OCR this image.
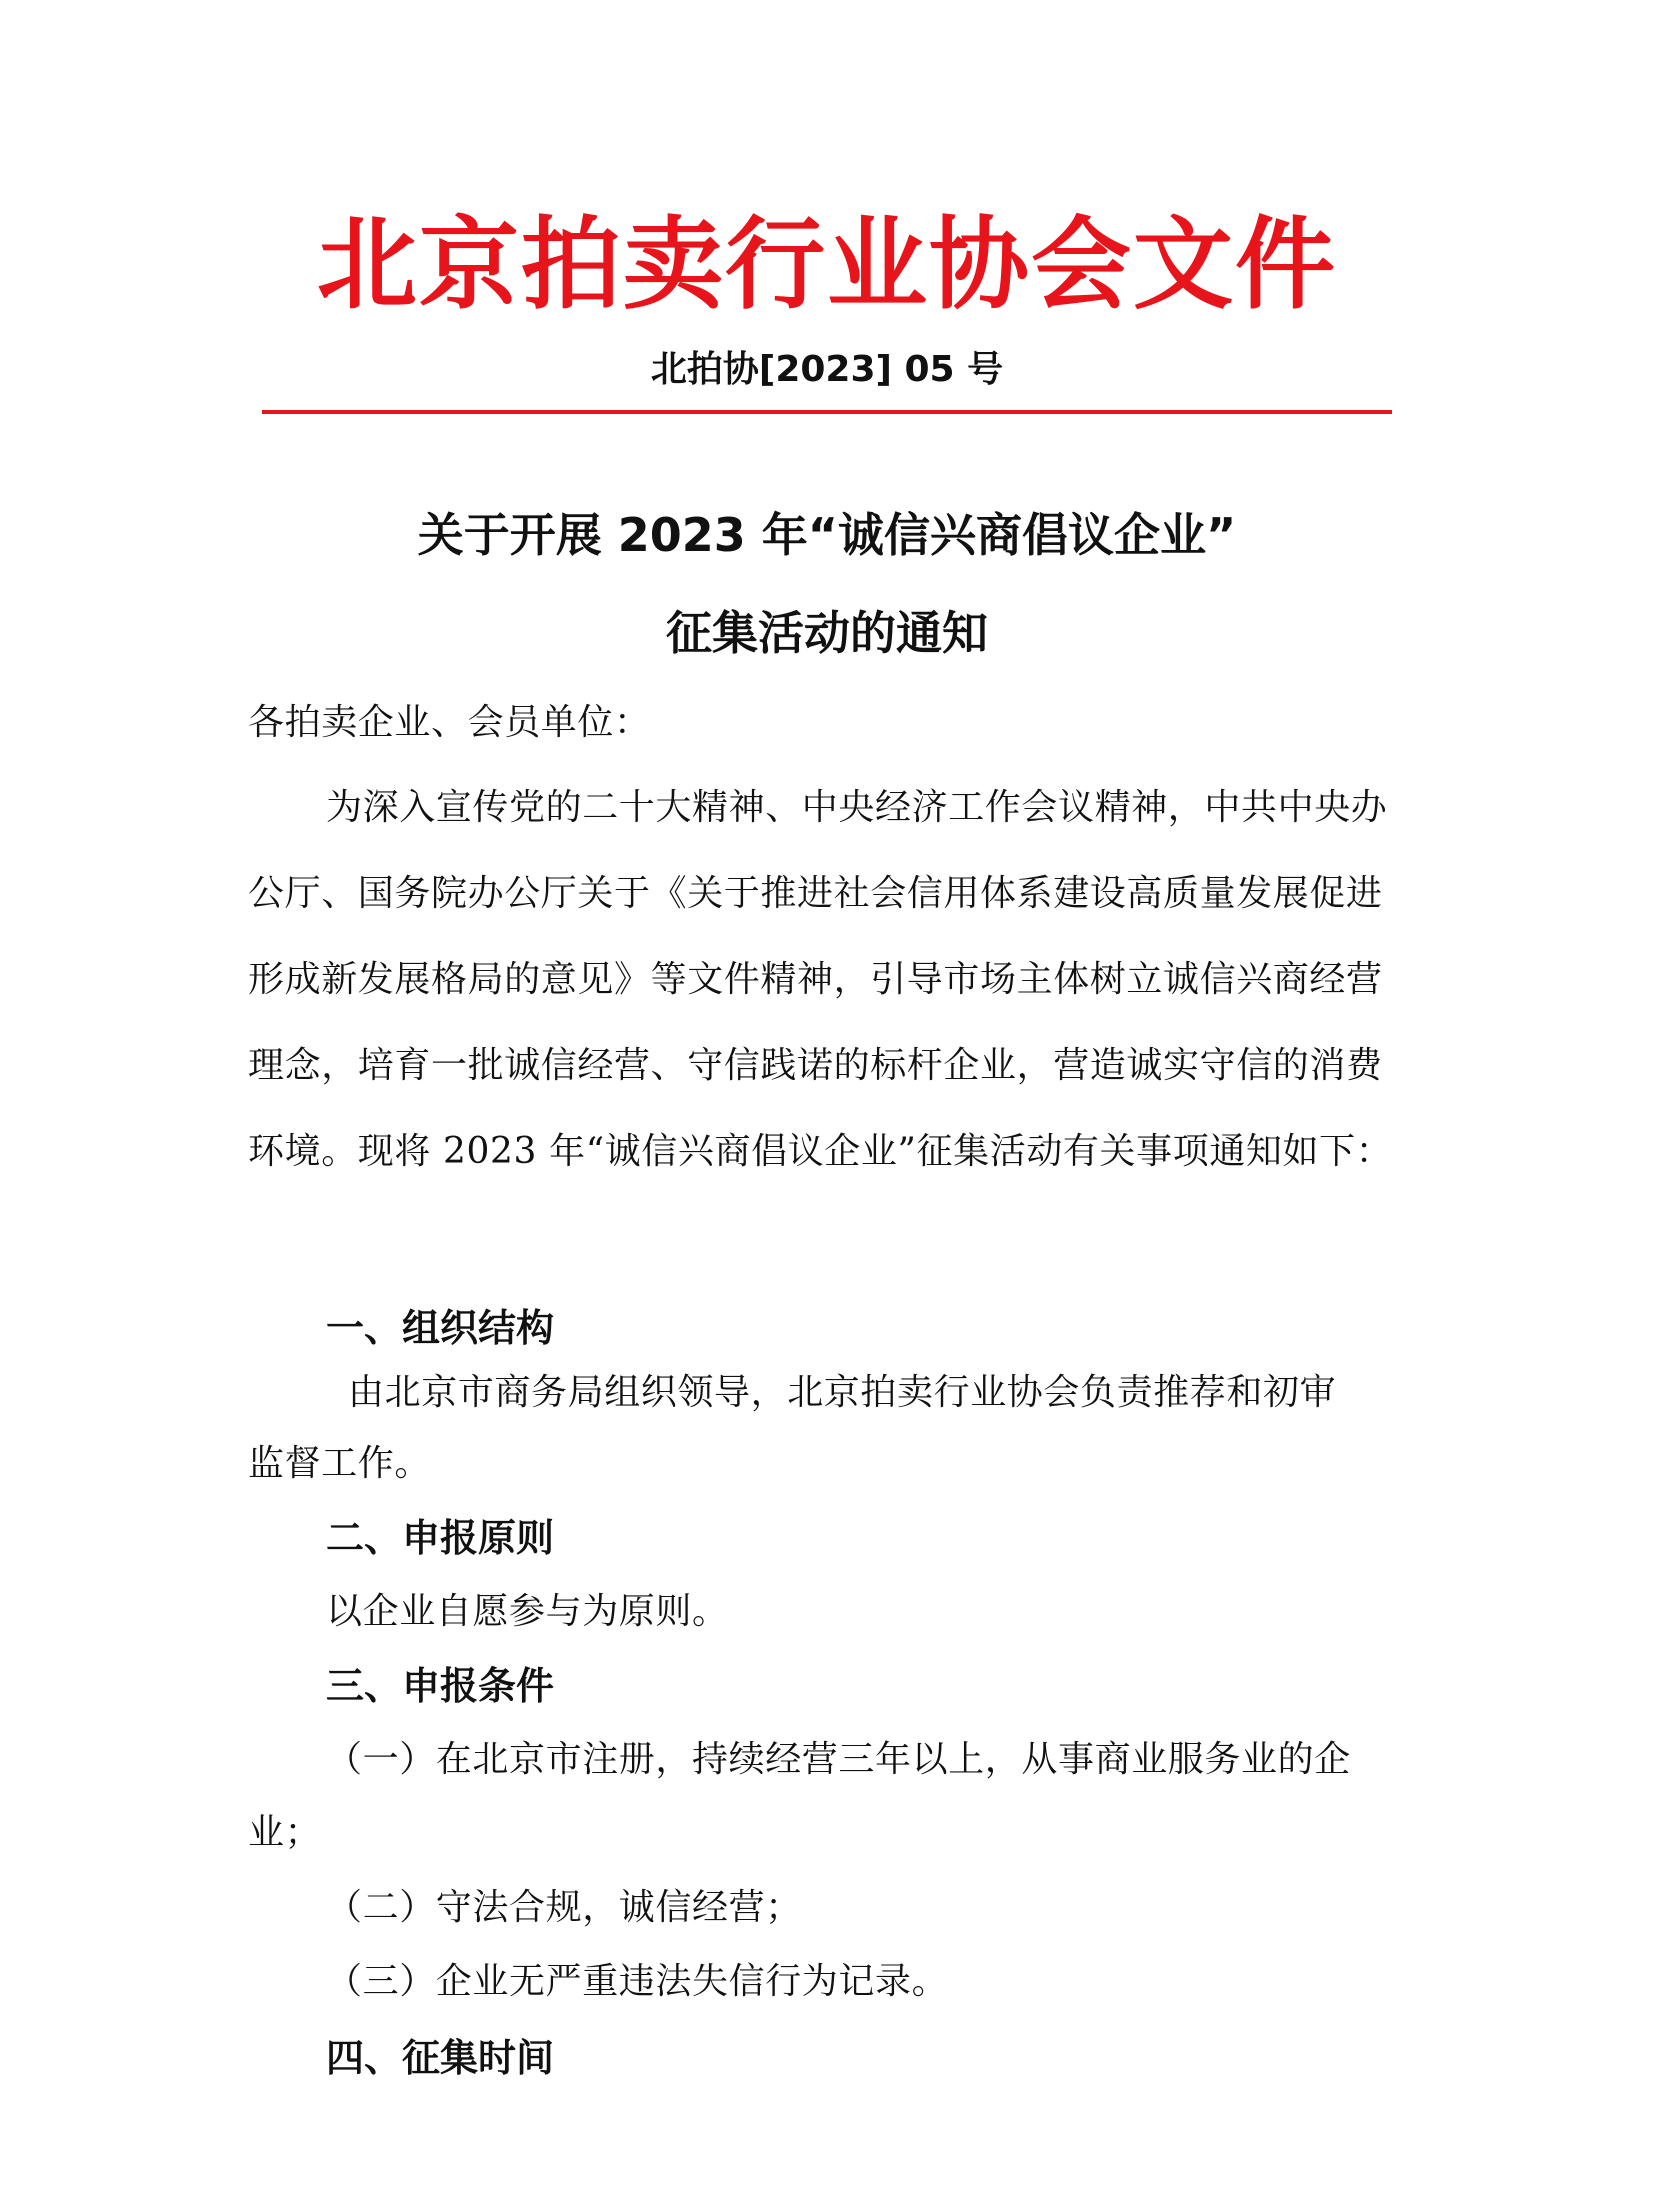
北京拍卖行业协会文件
北拍协[2023] 05 号
关于开展 2023 年“诚信兴商倡议企业”
征集活动的通知
各拍卖企业、会员单位：

为深入宣传党的二十大精神、中央经济工作会议精神，中共中央办公厅、国务院办公厅关于《关于推进社会信用体系建设高质量发展促进形成新发展格局的意见》等文件精神，引导市场主体树立诚信兴商经营理念，培育一批诚信经营、守信践诺的标杆企业，营造诚实守信的消费环境。现将 2023 年“诚信兴商倡议企业”征集活动有关事项通知如下：

一、组织结构
由北京市商务局组织领导，北京拍卖行业协会负责推荐和初审
监督工作。
二、申报原则
以企业自愿参与为原则。
三、申报条件
（一）在北京市注册，持续经营三年以上，从事商业服务业的企
业；
（二）守法合规，诚信经营；
（三）企业无严重违法失信行为记录。
四、征集时间
